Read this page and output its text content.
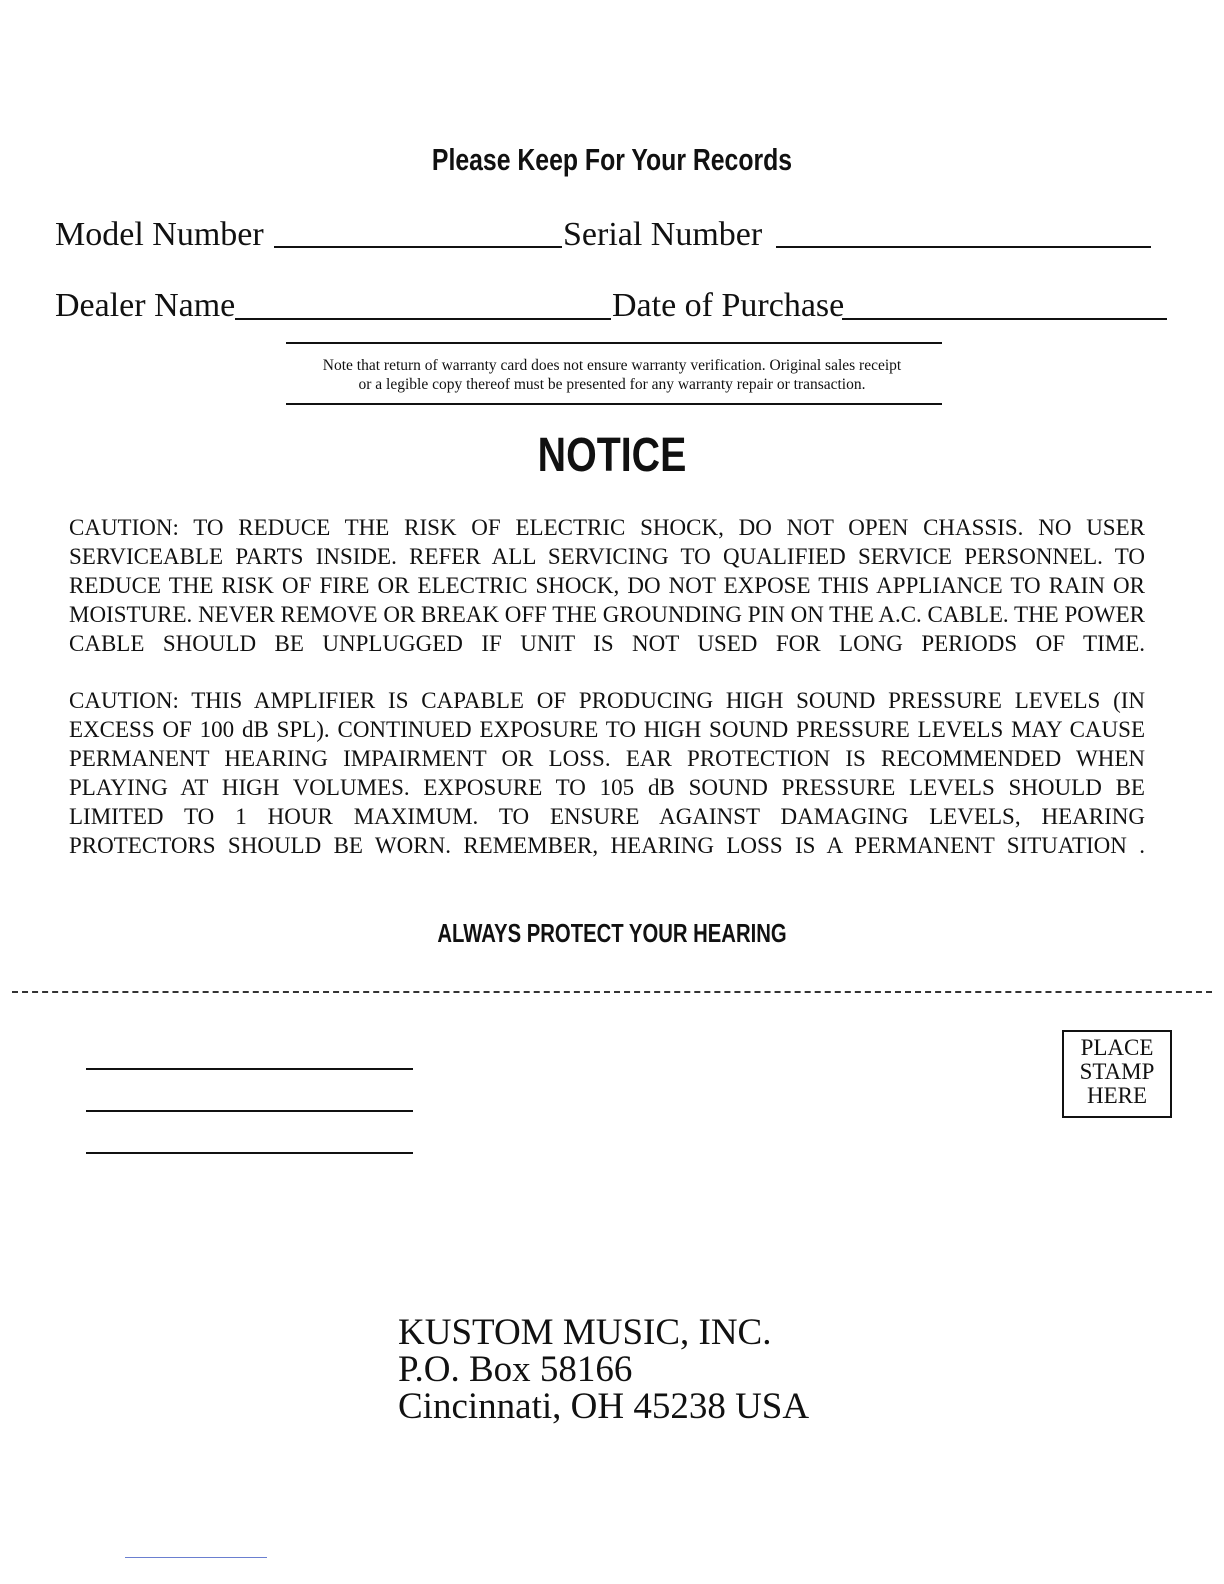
Please Keep For Your Records
Model Number	Serial Number
Dealer Name	Date of Purchase
Note that return of warranty card does not ensure warranty verification. Original sales receipt
or a legible copy thereof must be presented for any warranty repair or transaction.
NOTICE
CAUTION: TO REDUCE THE RISK OF ELECTRIC SHOCK, DO NOT OPEN CHASSIS. NO USER SERVICEABLE PARTS INSIDE. REFER ALL SERVICING TO QUALIFIED SERVICE PERSONNEL. TO REDUCE THE RISK OF FIRE OR ELECTRIC SHOCK, DO NOT EXPOSE THIS APPLIANCE TO RAIN OR MOISTURE. NEVER REMOVE OR BREAK OFF THE GROUNDING PIN ON THE A.C. CABLE. THE POWER CABLE SHOULD BE UNPLUGGED IF UNIT IS NOT USED FOR LONG PERIODS OF TIME.
CAUTION: THIS AMPLIFIER IS CAPABLE OF PRODUCING HIGH SOUND PRESSURE LEVELS (IN EXCESS OF 100 dB SPL). CONTINUED EXPOSURE TO HIGH SOUND PRESSURE LEVELS MAY CAUSE PERMANENT HEARING IMPAIRMENT OR LOSS. EAR PROTECTION IS RECOMMENDED WHEN PLAYING AT HIGH VOLUMES. EXPOSURE TO 105 dB SOUND PRESSURE LEVELS SHOULD BE LIMITED TO 1 HOUR MAXIMUM. TO ENSURE AGAINST DAMAGING LEVELS, HEARING PROTECTORS SHOULD BE WORN. REMEMBER, HEARING LOSS IS A PERMANENT SITUATION .
ALWAYS PROTECT YOUR HEARING
PLACE
STAMP
HERE
KUSTOM MUSIC, INC.
P.O. Box 58166
Cincinnati, OH 45238 USA
